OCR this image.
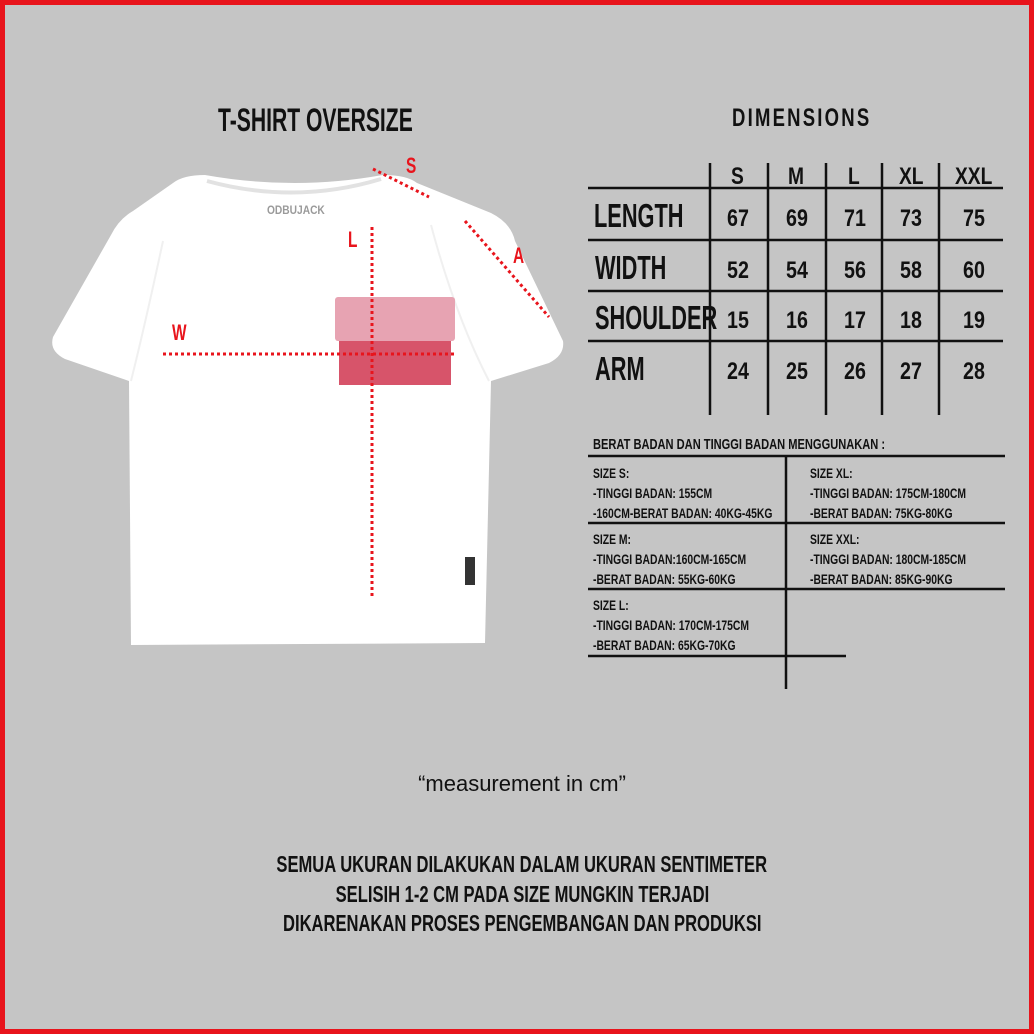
T-SHIRT OVERSIZE
ODBUJACK
S
A
L
W
DIMENSIONS
S M L XL XXL
LENGTH 67 69 71 73 75
WIDTH	52 54 56 58 60
SHOULDER 15 16 17 18 19
ARM	24 25 26 27 28
BERAT BADAN DAN TINGGI BADAN MENGGUNAKAN :
SIZE S:
-TINGGI BADAN: 155CM
-160CM-BERAT BADAN: 40KG-45KG
SIZE XL:
-TINGGI BADAN: 175CM-180CM
-BERAT BADAN: 75KG-80KG
SIZE M:
-TINGGI BADAN:160CM-165CM
-BERAT BADAN: 55KG-60KG
SIZE XXL:
-TINGGI BADAN: 180CM-185CM
-BERAT BADAN: 85KG-90KG
SIZE L:
-TINGGI BADAN: 170CM-175CM
-BERAT BADAN: 65KG-70KG
“measurement in cm”
SEMUA UKURAN DILAKUKAN DALAM UKURAN SENTIMETER
SELISIH 1-2 CM PADA SIZE MUNGKIN TERJADI
DIKARENAKAN PROSES PENGEMBANGAN DAN PRODUKSI
